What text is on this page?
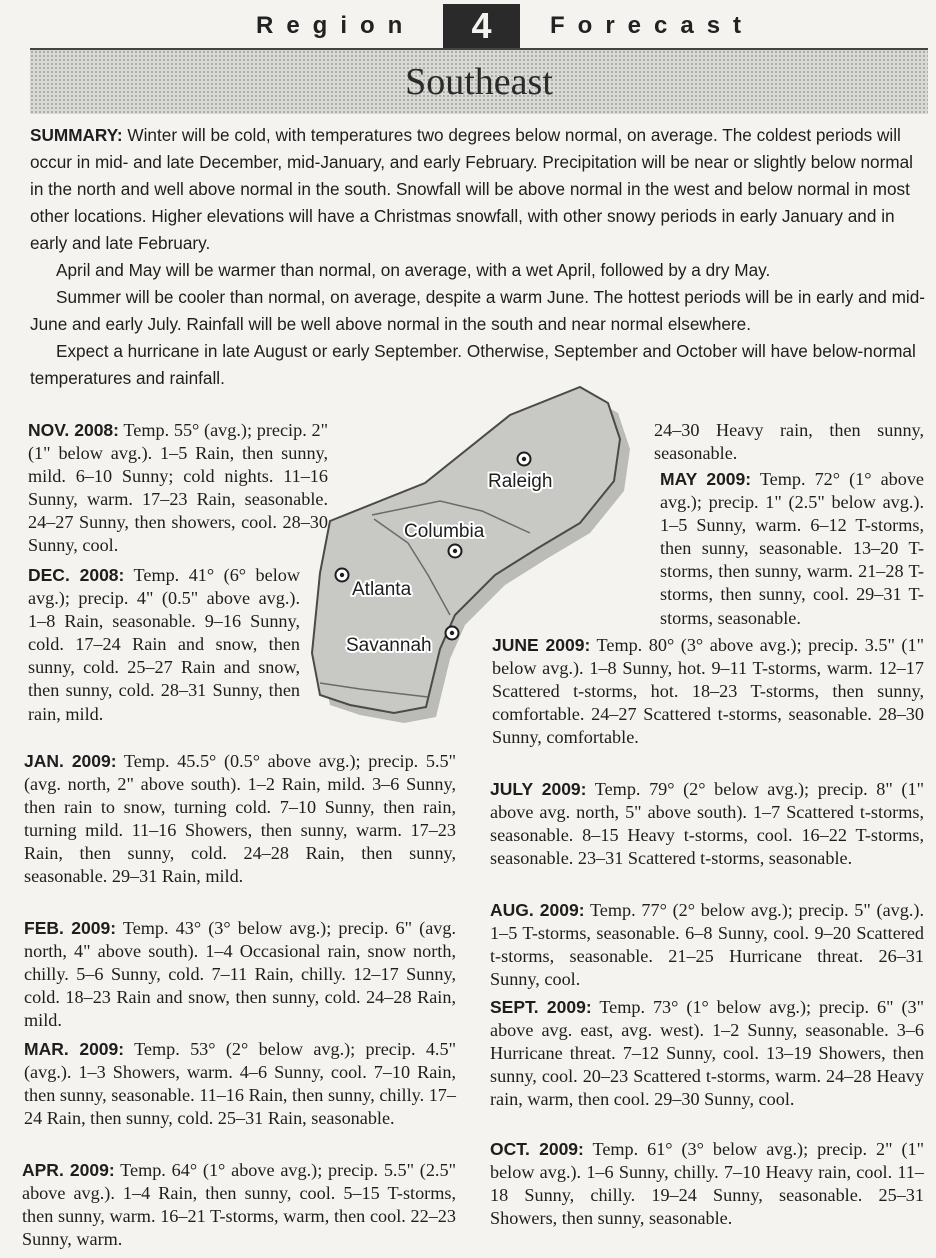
Region	4	Forecast
Southeast

SUMMARY: Winter will be cold, with temperatures two degrees below normal, on average. The coldest periods will occur in mid- and late December, mid-January, and early February. Precipitation will be near or slightly below normal in the north and well above normal in the south. Snowfall will be above normal in the west and below normal in most other locations. Higher elevations will have a Christmas snowfall, with other snowy periods in early January and in early and late February.

April and May will be warmer than normal, on average, with a wet April, followed by a dry May.

Summer will be cooler than normal, on average, despite a warm June. The hottest periods will be in early and mid-June and early July. Rainfall will be well above normal in the south and near normal elsewhere.

Expect a hurricane in late August or early September. Otherwise, September and October will have below-normal temperatures and rainfall.

Raleigh
Columbia
Atlanta
Savannah
NOV. 2008: Temp. 55° (avg.); precip. 2" (1" below avg.). 1–5 Rain, then sunny, mild. 6–10 Sunny; cold nights. 11–16 Sunny, warm. 17–23 Rain, seasonable. 24–27 Sunny, then showers, cool. 28–30 Sunny, cool.
DEC. 2008: Temp. 41° (6° below avg.); precip. 4" (0.5" above avg.). 1–8 Rain, seasonable. 9–16 Sunny, cold. 17–24 Rain and snow, then sunny, cold. 25–27 Rain and snow, then sunny, cold. 28–31 Sunny, then rain, mild.
JAN. 2009: Temp. 45.5° (0.5° above avg.); precip. 5.5" (avg. north, 2" above south). 1–2 Rain, mild. 3–6 Sunny, then rain to snow, turning cold. 7–10 Sunny, then rain, turning mild. 11–16 Showers, then sunny, warm. 17–23 Rain, then sunny, cold. 24–28 Rain, then sunny, seasonable. 29–31 Rain, mild.
FEB. 2009: Temp. 43° (3° below avg.); precip. 6" (avg. north, 4" above south). 1–4 Occasional rain, snow north, chilly. 5–6 Sunny, cold. 7–11 Rain, chilly. 12–17 Sunny, cold. 18–23 Rain and snow, then sunny, cold. 24–28 Rain, mild.
MAR. 2009: Temp. 53° (2° below avg.); precip. 4.5" (avg.). 1–3 Showers, warm. 4–6 Sunny, cool. 7–10 Rain, then sunny, seasonable. 11–16 Rain, then sunny, chilly. 17–24 Rain, then sunny, cold. 25–31 Rain, seasonable.
APR. 2009: Temp. 64° (1° above avg.); precip. 5.5" (2.5" above avg.). 1–4 Rain, then sunny, cool. 5–15 T-storms, then sunny, warm. 16–21 T-storms, warm, then cool. 22–23 Sunny, warm.
24–30 Heavy rain, then sunny, seasonable.
MAY 2009: Temp. 72° (1° above avg.); precip. 1" (2.5" below avg.). 1–5 Sunny, warm. 6–12 T-storms, then sunny, seasonable. 13–20 T-storms, then sunny, warm. 21–28 T-storms, then sunny, cool. 29–31 T-storms, seasonable.
JUNE 2009: Temp. 80° (3° above avg.); precip. 3.5" (1" below avg.). 1–8 Sunny, hot. 9–11 T-storms, warm. 12–17 Scattered t-storms, hot. 18–23 T-storms, then sunny, comfortable. 24–27 Scattered t-storms, seasonable. 28–30 Sunny, comfortable.
JULY 2009: Temp. 79° (2° below avg.); precip. 8" (1" above avg. north, 5" above south). 1–7 Scattered t-storms, seasonable. 8–15 Heavy t-storms, cool. 16–22 T-storms, seasonable. 23–31 Scattered t-storms, seasonable.
AUG. 2009: Temp. 77° (2° below avg.); precip. 5" (avg.). 1–5 T-storms, seasonable. 6–8 Sunny, cool. 9–20 Scattered t-storms, seasonable. 21–25 Hurricane threat. 26–31 Sunny, cool.
SEPT. 2009: Temp. 73° (1° below avg.); precip. 6" (3" above avg. east, avg. west). 1–2 Sunny, seasonable. 3–6 Hurricane threat. 7–12 Sunny, cool. 13–19 Showers, then sunny, cool. 20–23 Scattered t-storms, warm. 24–28 Heavy rain, warm, then cool. 29–30 Sunny, cool.
OCT. 2009: Temp. 61° (3° below avg.); precip. 2" (1" below avg.). 1–6 Sunny, chilly. 7–10 Heavy rain, cool. 11–18 Sunny, chilly. 19–24 Sunny, seasonable. 25–31 Showers, then sunny, seasonable.
